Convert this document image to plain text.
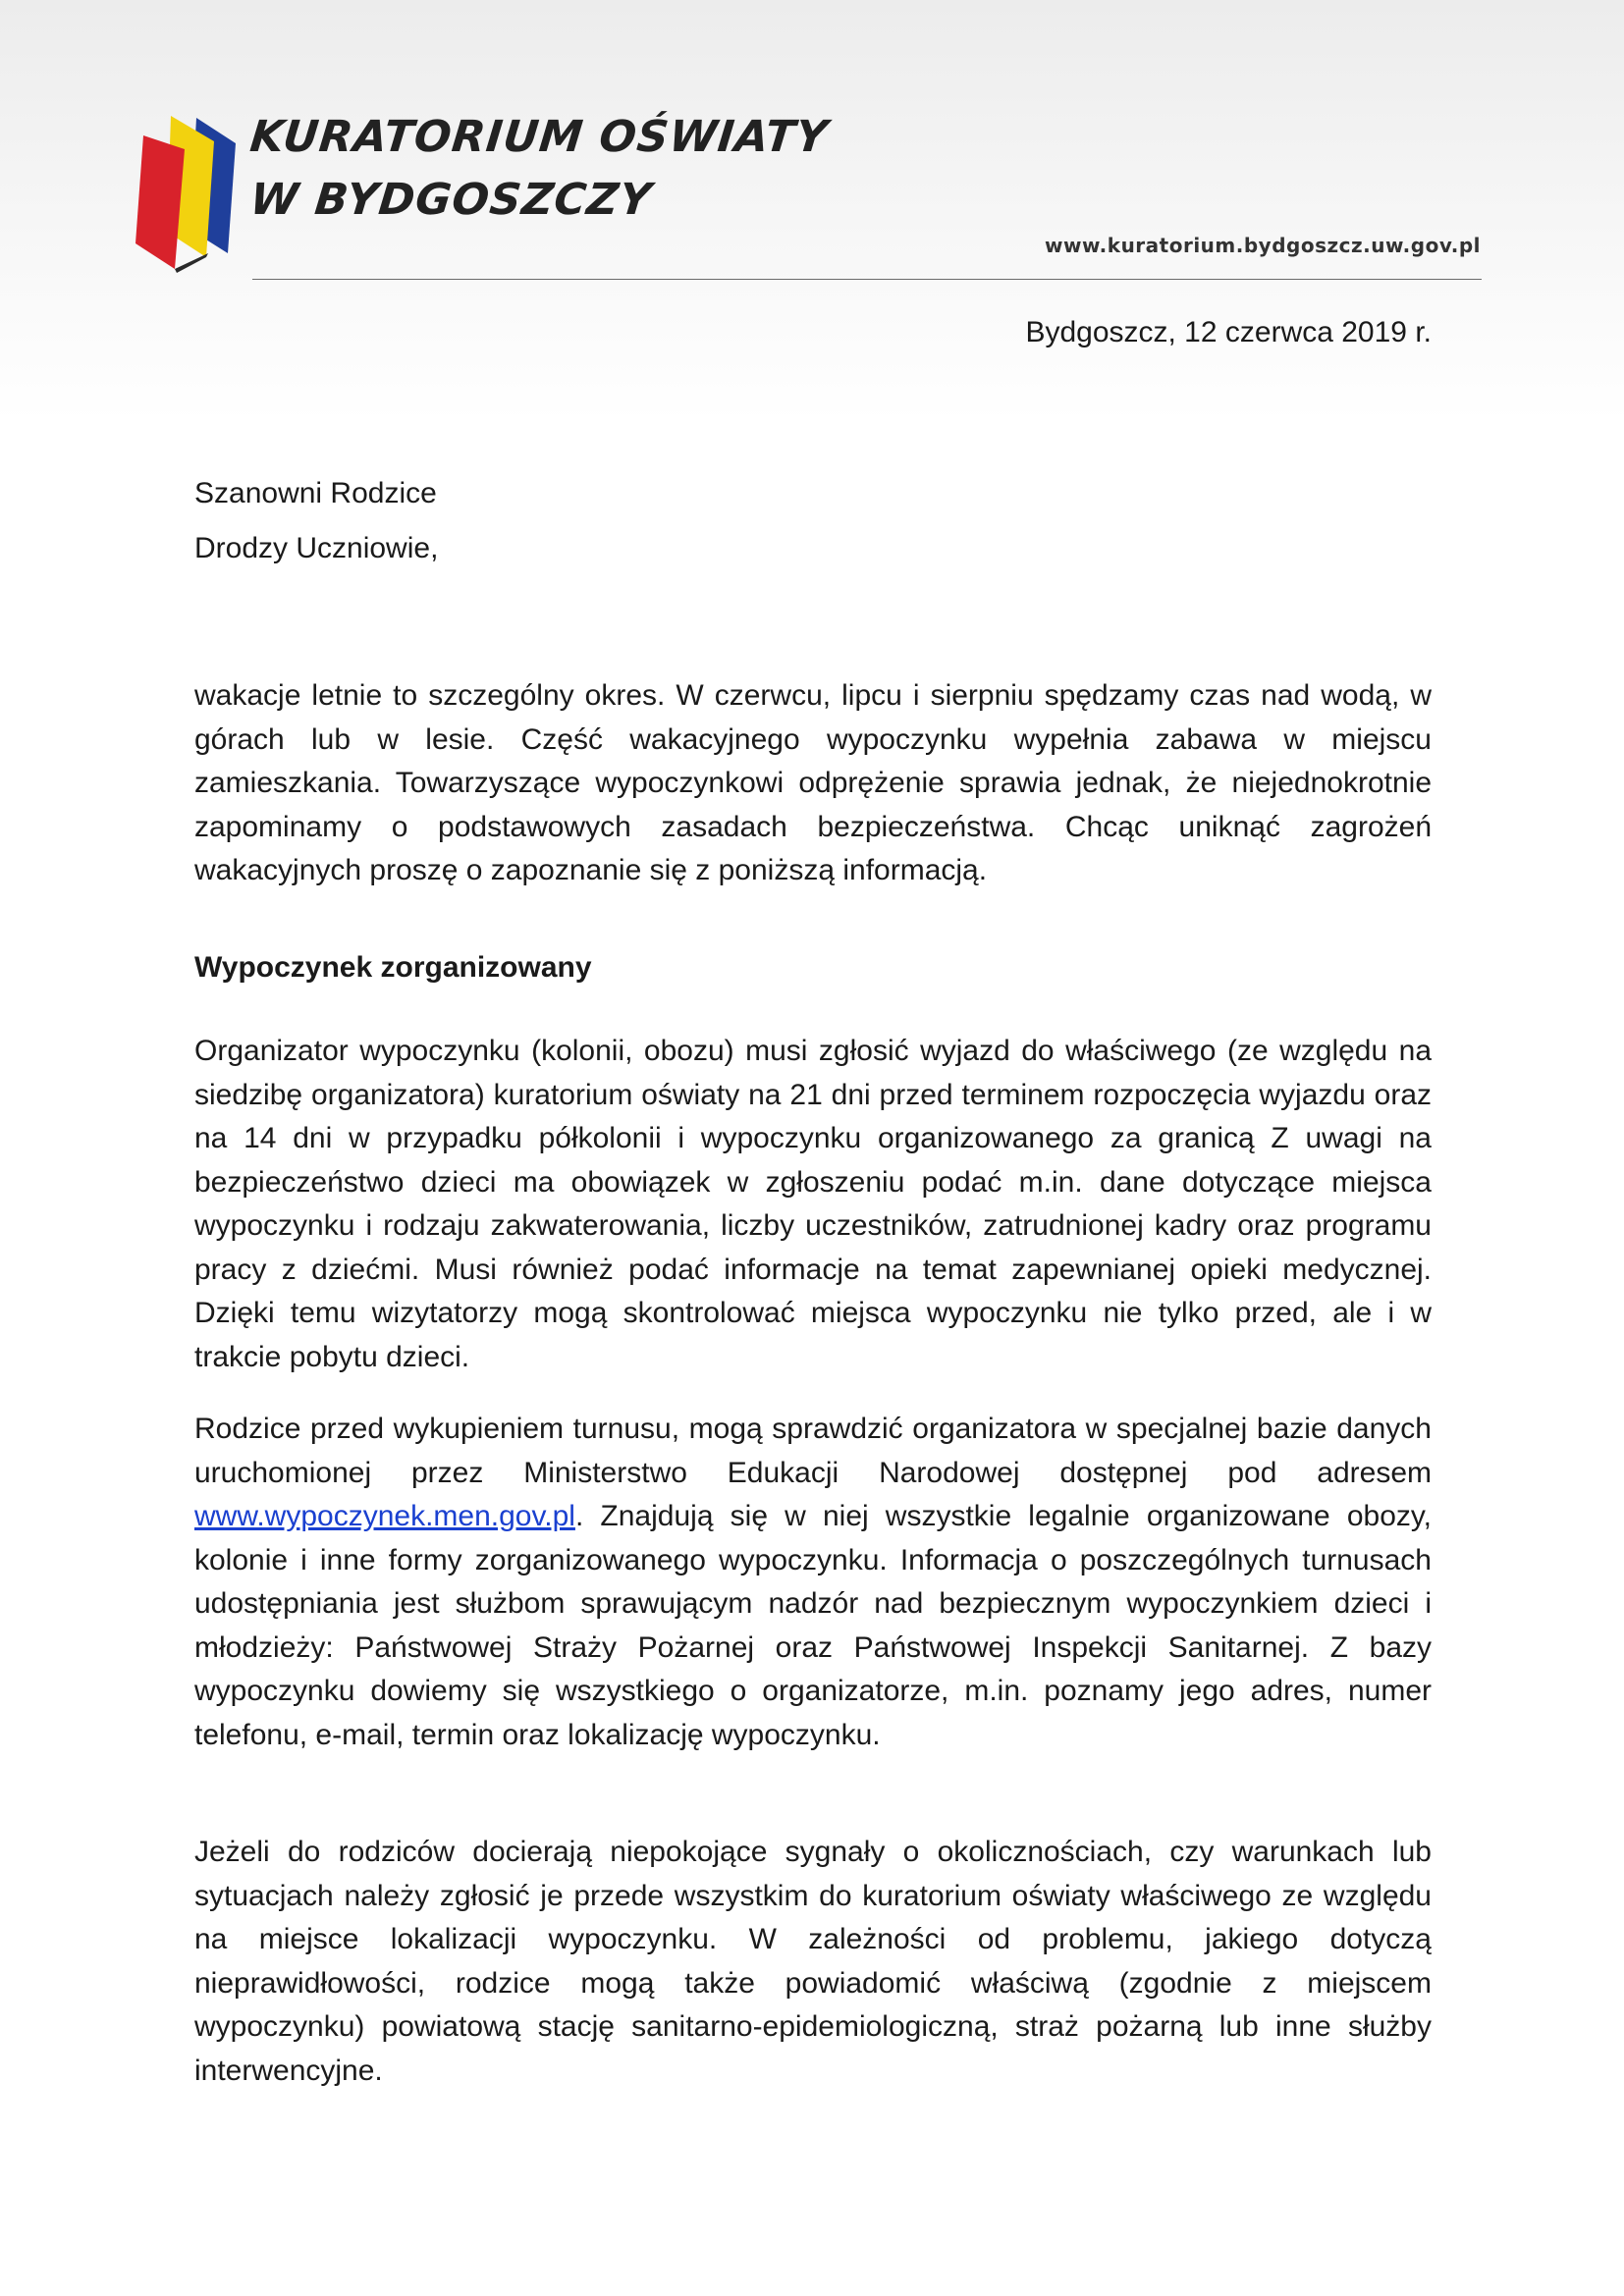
KURATORIUM OŚWIATY
W BYDGOSZCZY
www.kuratorium.bydgoszcz.uw.gov.pl
Bydgoszcz, 12 czerwca 2019 r.
Szanowni Rodzice
Drodzy Uczniowie,

wakacje letnie to szczególny okres. W czerwcu, lipcu i sierpniu spędzamy czas nad wodą, w górach lub w lesie. Część wakacyjnego wypoczynku wypełnia zabawa w miejscu zamieszkania. Towarzyszące wypoczynkowi odprężenie sprawia jednak, że niejednokrotnie zapominamy o podstawowych zasadach bezpieczeństwa. Chcąc uniknąć zagrożeń wakacyjnych proszę o zapoznanie się z poniższą informacją.

Wypoczynek zorganizowany

Organizator wypoczynku (kolonii, obozu) musi zgłosić wyjazd do właściwego (ze względu na siedzibę organizatora) kuratorium oświaty na 21 dni przed terminem rozpoczęcia wyjazdu oraz na 14 dni w przypadku półkolonii i wypoczynku organizowanego za granicą Z uwagi na bezpieczeństwo dzieci ma obowiązek w zgłoszeniu podać m.in. dane dotyczące miejsca wypoczynku i rodzaju zakwaterowania, liczby uczestników, zatrudnionej kadry oraz programu pracy z dziećmi. Musi również podać informacje na temat zapewnianej opieki medycznej. Dzięki temu wizytatorzy mogą skontrolować miejsca wypoczynku nie tylko przed, ale i w trakcie pobytu dzieci.

Rodzice przed wykupieniem turnusu, mogą sprawdzić organizatora w specjalnej bazie danych uruchomionej przez Ministerstwo Edukacji Narodowej dostępnej pod adresem www.wypoczynek.men.gov.pl. Znajdują się w niej wszystkie legalnie organizowane obozy, kolonie i inne formy zorganizowanego wypoczynku. Informacja o poszczególnych turnusach udostępniania jest służbom sprawującym nadzór nad bezpiecznym wypoczynkiem dzieci i młodzieży: Państwowej Straży Pożarnej oraz Państwowej Inspekcji Sanitarnej. Z bazy wypoczynku dowiemy się wszystkiego o organizatorze, m.in. poznamy jego adres, numer telefonu, e-mail, termin oraz lokalizację wypoczynku.

Jeżeli do rodziców docierają niepokojące sygnały o okolicznościach, czy warunkach lub sytuacjach należy zgłosić je przede wszystkim do kuratorium oświaty właściwego ze względu na miejsce lokalizacji wypoczynku. W zależności od problemu, jakiego dotyczą nieprawidłowości, rodzice mogą także powiadomić właściwą (zgodnie z miejscem wypoczynku) powiatową stację sanitarno-epidemiologiczną, straż pożarną lub inne służby interwencyjne.
